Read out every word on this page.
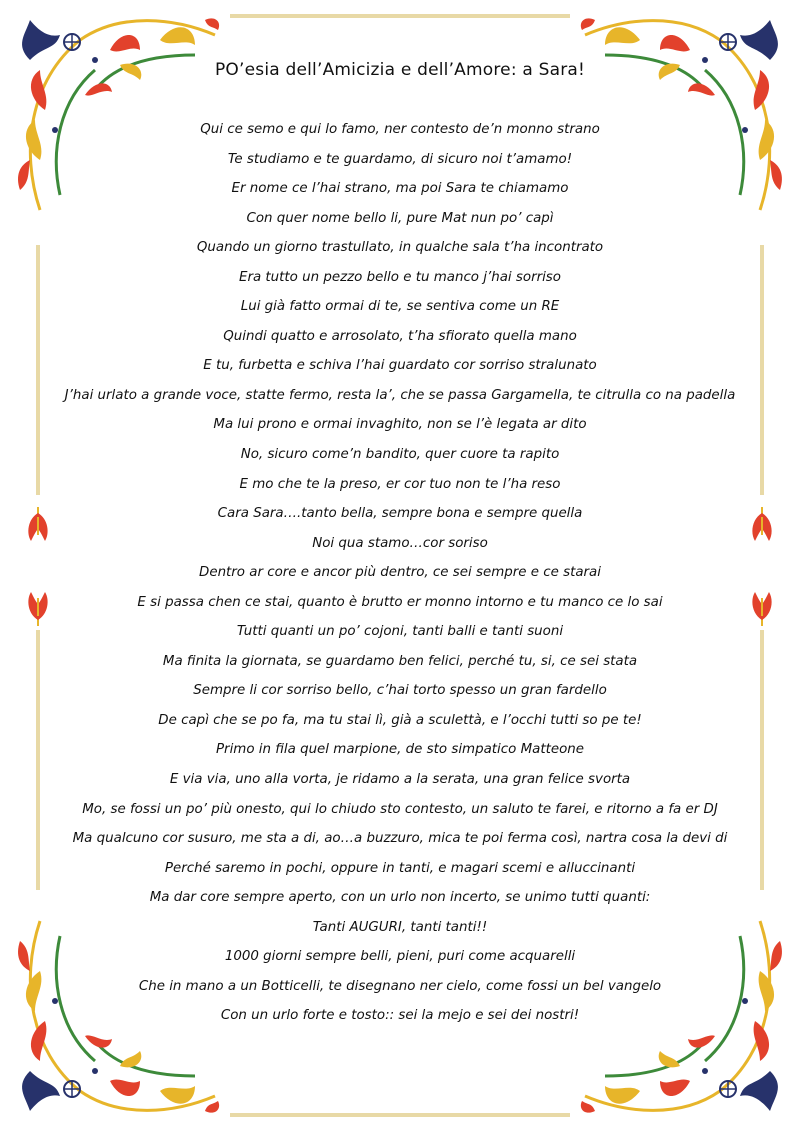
PO’esia dell’Amicizia e dell’Amore: a Sara!
Qui ce semo e qui lo famo, ner contesto de’n monno strano
Te studiamo e te guardamo, di sicuro noi t’amamo!
Er nome ce l’hai strano, ma poi Sara te chiamamo
Con quer nome bello li, pure Mat nun po’ capì
Quando un giorno trastullato, in qualche sala t’ha incontrato
Era tutto un pezzo bello e tu manco j’hai sorriso
Lui già fatto ormai di te, se sentiva come un RE
Quindi quatto e arrosolato, t’ha sfiorato quella mano
E tu, furbetta e schiva l’hai guardato cor sorriso stralunato
J’hai urlato a grande voce, statte fermo, resta la’, che se passa Gargamella, te citrulla co na padella
Ma lui prono e ormai invaghito, non se l’è legata ar dito
No, sicuro come’n bandito, quer cuore ta rapito
E mo che te la preso, er cor tuo non te l’ha reso
Cara Sara….tanto bella, sempre bona e sempre quella
Noi qua stamo…cor soriso
Dentro ar core e ancor più dentro, ce sei sempre e ce starai
E si passa chen ce stai, quanto è brutto er monno intorno e tu manco ce lo sai
Tutti quanti un po’ cojoni, tanti balli e tanti suoni
Ma finita la giornata, se guardamo ben felici, perché tu, si, ce sei stata
Sempre li cor sorriso bello, c’hai torto spesso un gran fardello
De capì che se po fa, ma tu stai lì, già a sculettà, e l’occhi tutti so pe te!
Primo in fila quel marpione, de sto simpatico Matteone
E via via, uno alla vorta, je ridamo a la serata, una gran felice svorta
Mo, se fossi un po’ più onesto, qui lo chiudo sto contesto, un saluto te farei, e ritorno a fa er DJ
Ma qualcuno cor susuro, me sta a di, ao…a buzzuro, mica te poi ferma così, nartra cosa la devi di
Perché saremo in pochi, oppure in tanti, e magari scemi e alluccinanti
Ma dar core sempre aperto, con un urlo non incerto, se unimo tutti quanti:
Tanti AUGURI, tanti tanti!!
1000 giorni sempre belli, pieni, puri come acquarelli
Che in mano a un Botticelli, te disegnano ner cielo, come fossi un bel vangelo
Con un urlo forte e tosto:: sei la mejo e sei dei nostri!
